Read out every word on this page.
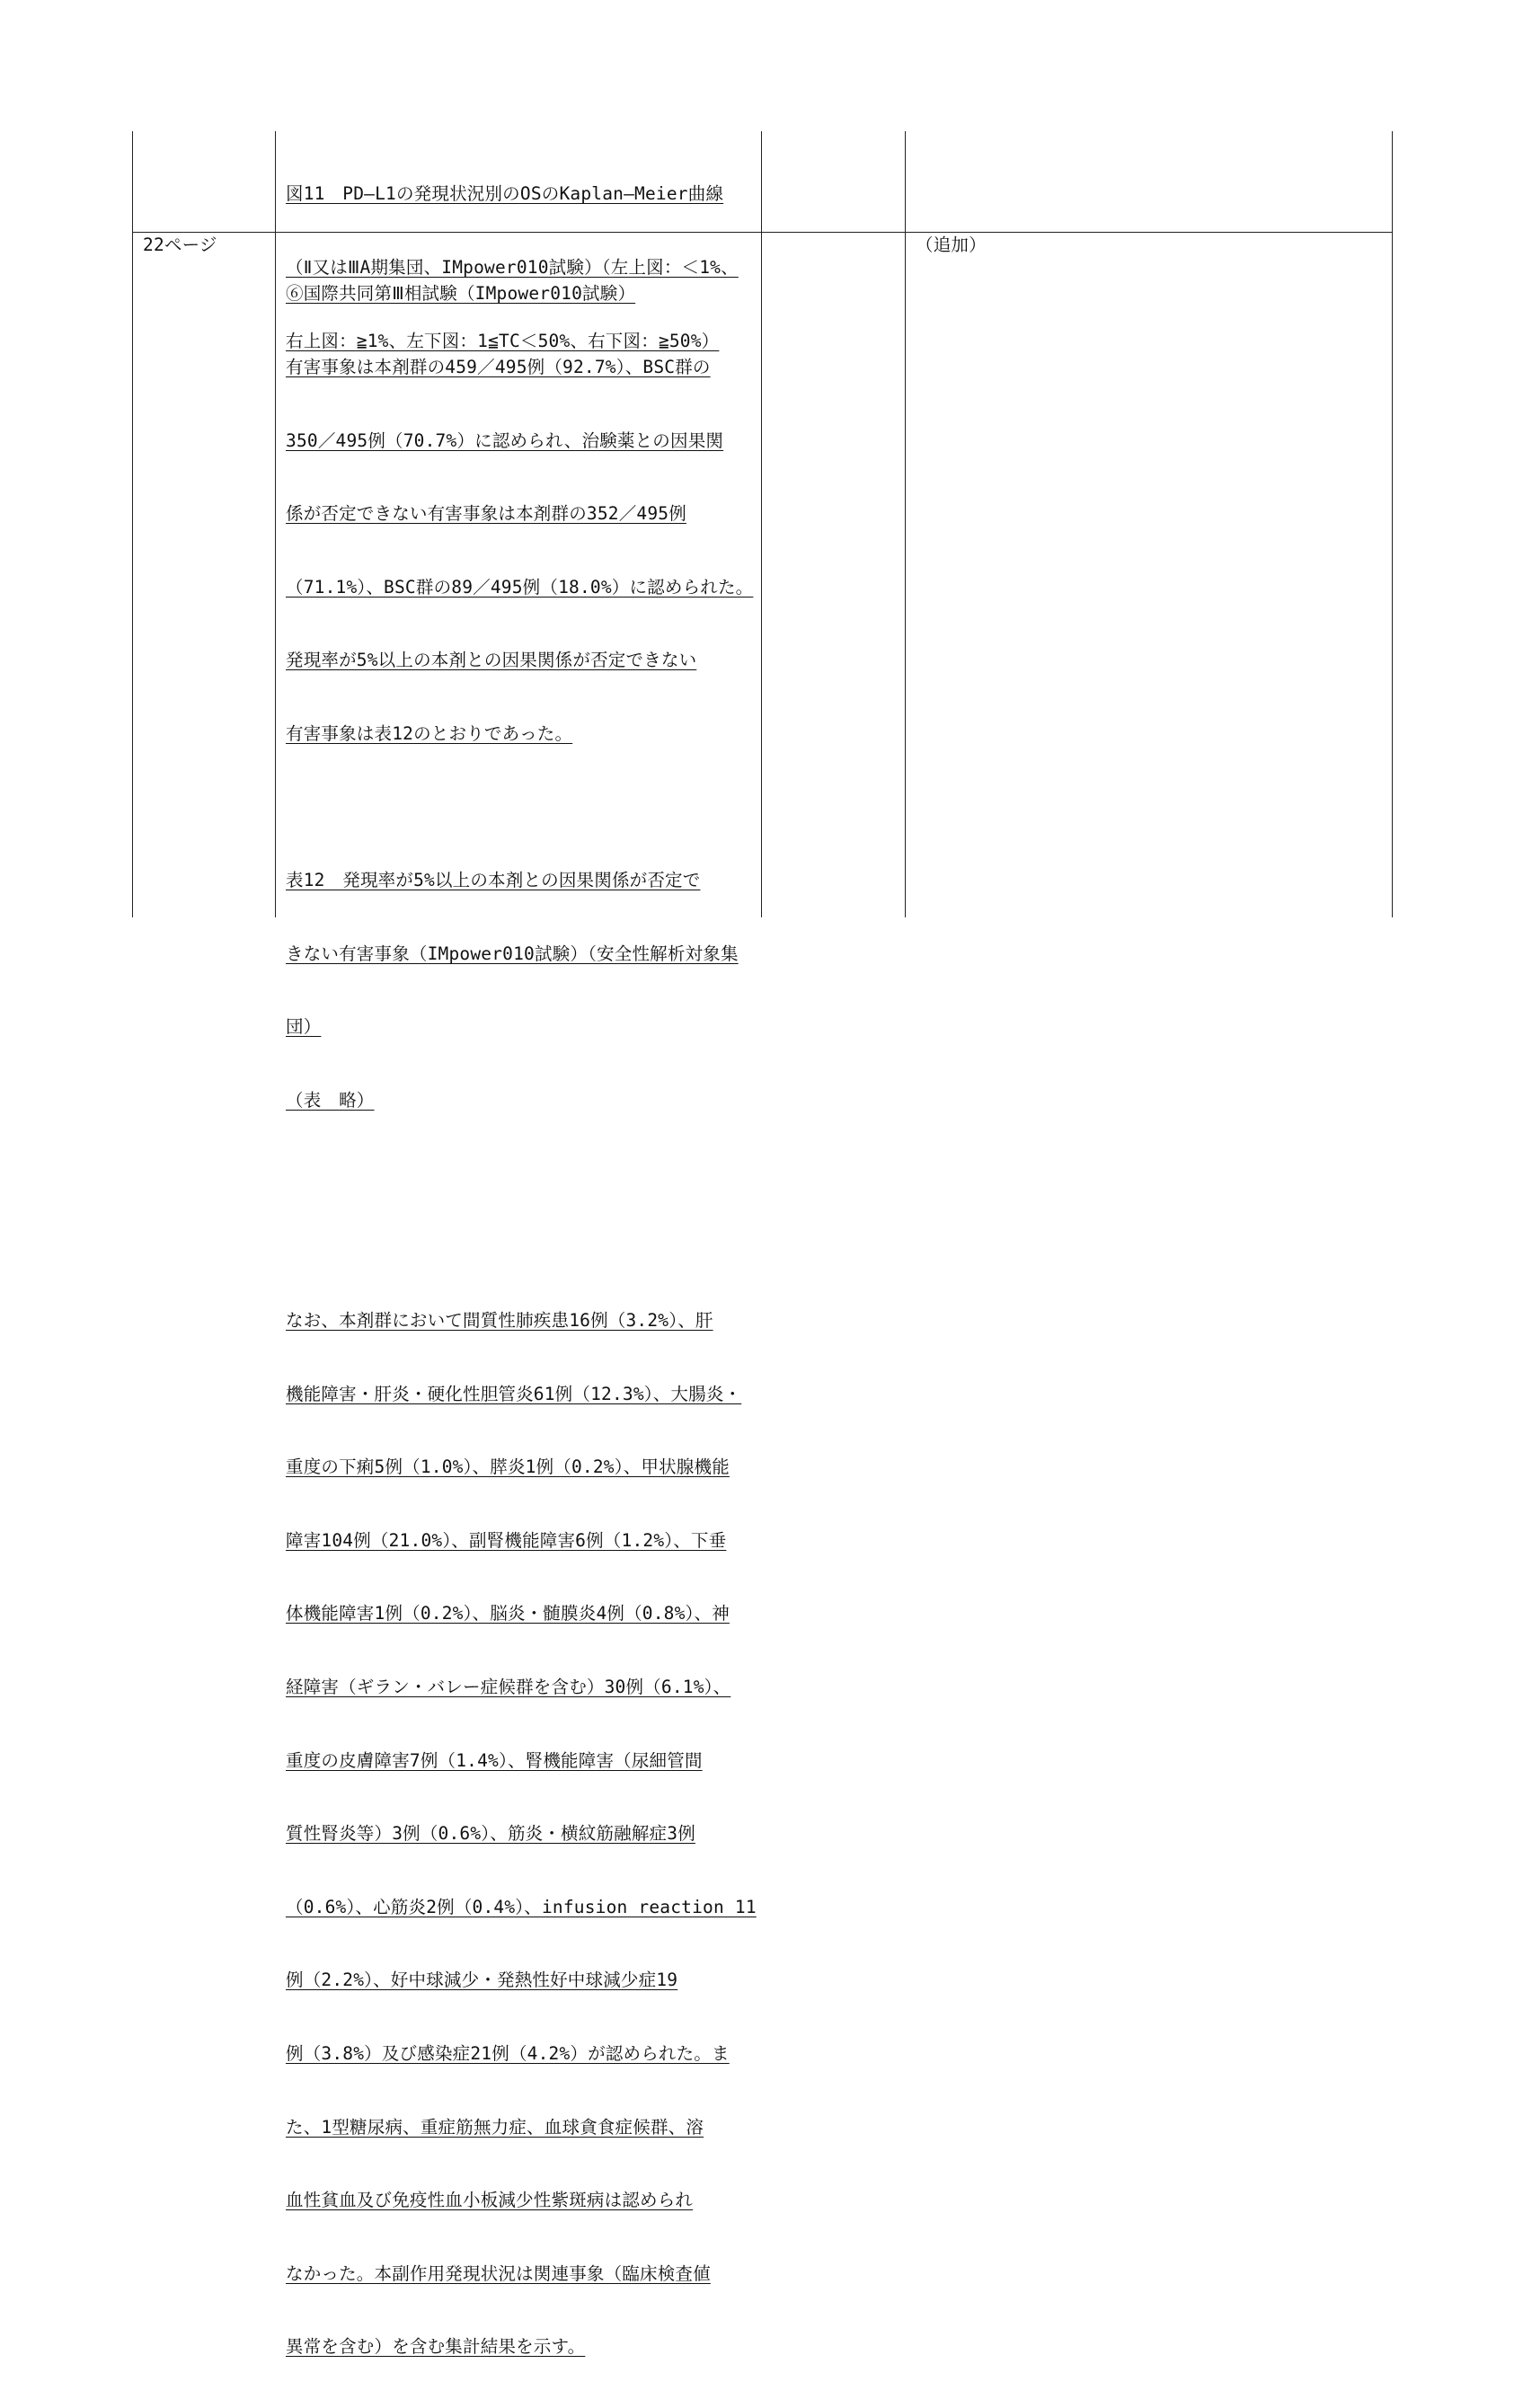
図11　PD―L1の発現状況別のOSのKaplan―Meier曲線

（Ⅱ又はⅢA期集団、IMpower010試験）（左上図：＜1%、

右上図：≧1%、左下図：1≦TC＜50%、右下図：≧50%）

22ページ

⑥国際共同第Ⅲ相試験（IMpower010試験）

有害事象は本剤群の459／495例（92.7%）、BSC群の

350／495例（70.7%）に認められ、治験薬との因果関

係が否定できない有害事象は本剤群の352／495例

（71.1%）、BSC群の89／495例（18.0%）に認められた。

発現率が5%以上の本剤との因果関係が否定できない

有害事象は表12のとおりであった。

表12　発現率が5%以上の本剤との因果関係が否定で

きない有害事象（IMpower010試験）（安全性解析対象集

団）

（表　略）

なお、本剤群において間質性肺疾患16例（3.2%）、肝

機能障害・肝炎・硬化性胆管炎61例（12.3%）、大腸炎・

重度の下痢5例（1.0%）、膵炎1例（0.2%）、甲状腺機能

障害104例（21.0%）、副腎機能障害6例（1.2%）、下垂

体機能障害1例（0.2%）、脳炎・髄膜炎4例（0.8%）、神

経障害（ギラン・バレー症候群を含む）30例（6.1%）、

重度の皮膚障害7例（1.4%）、腎機能障害（尿細管間

質性腎炎等）3例（0.6%）、筋炎・横紋筋融解症3例

（0.6%）、心筋炎2例（0.4%）、infusion reaction 11

例（2.2%）、好中球減少・発熱性好中球減少症19

例（3.8%）及び感染症21例（4.2%）が認められた。ま

た、1型糖尿病、重症筋無力症、血球貪食症候群、溶

血性貧血及び免疫性血小板減少性紫斑病は認められ

なかった。本副作用発現状況は関連事象（臨床検査値

異常を含む）を含む集計結果を示す。

（追加）
